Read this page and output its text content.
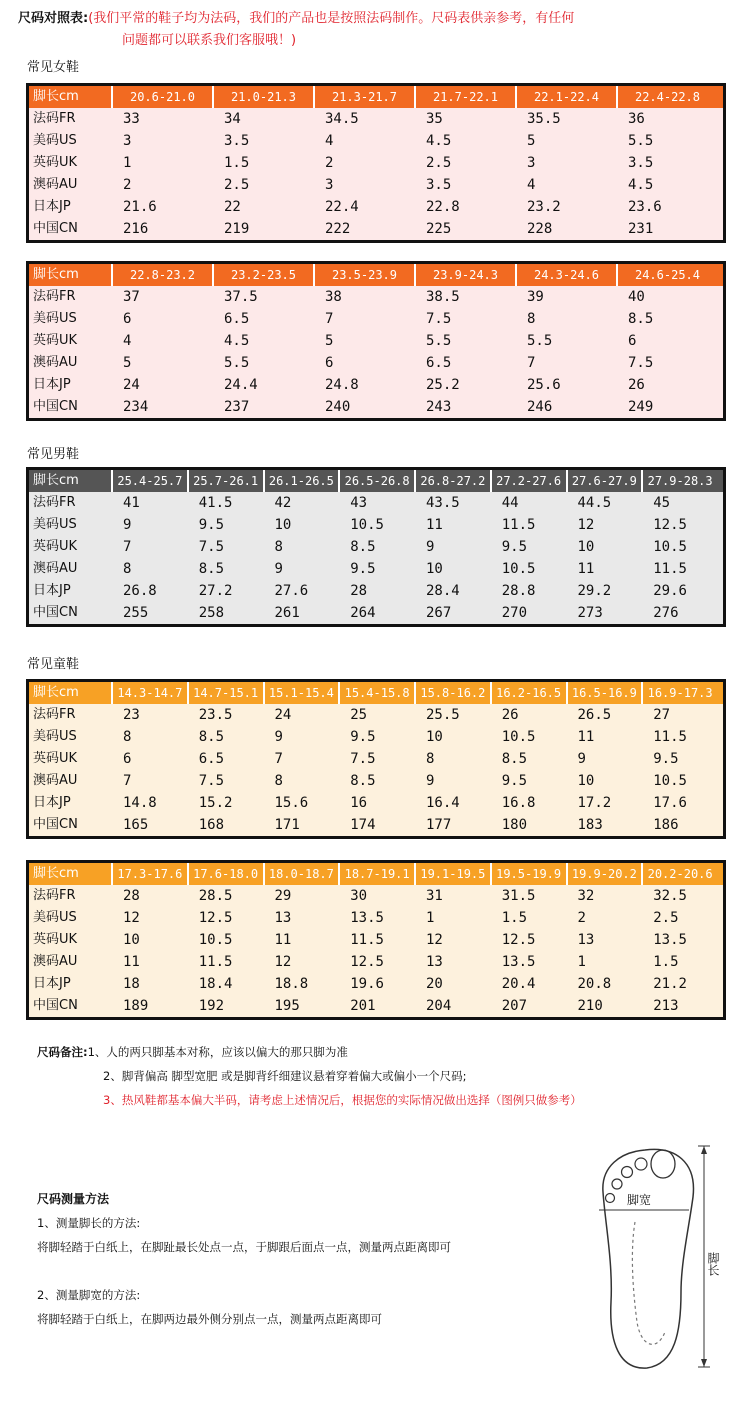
尺码对照表:(我们平常的鞋子均为法码，我们的产品也是按照法码制作。尺码表供亲参考，有任何
问题都可以联系我们客服哦！)
常见女鞋
脚长cm	20.6-21.0	21.0-21.3	21.3-21.7	21.7-22.1	22.1-22.4	22.4-22.8
法码FR	33	34	34.5	35	35.5	36
美码US	3	3.5	4	4.5	5	5.5
英码UK	1	1.5	2	2.5	3	3.5
澳码AU	2	2.5	3	3.5	4	4.5
日本JP	21.6	22	22.4	22.8	23.2	23.6
中国CN	216	219	222	225	228	231
脚长cm	22.8-23.2	23.2-23.5	23.5-23.9	23.9-24.3	24.3-24.6	24.6-25.4
法码FR	37	37.5	38	38.5	39	40
美码US	6	6.5	7	7.5	8	8.5
英码UK	4	4.5	5	5.5	5.5	6
澳码AU	5	5.5	6	6.5	7	7.5
日本JP	24	24.4	24.8	25.2	25.6	26
中国CN	234	237	240	243	246	249
常见男鞋
脚长cm	25.4-25.7 25.7-26.1 26.1-26.5 26.5-26.8 26.8-27.2 27.2-27.6 27.6-27.9 27.9-28.3
法码FR	41	41.5	42	43	43.5	44	44.5	45
美码US	9	9.5	10	10.5	11	11.5	12	12.5
英码UK	7	7.5	8	8.5	9	9.5	10	10.5
澳码AU	8	8.5	9	9.5	10	10.5	11	11.5
日本JP	26.8	27.2	27.6	28	28.4	28.8	29.2	29.6
中国CN	255	258	261	264	267	270	273	276
常见童鞋
脚长cm	14.3-14.7 14.7-15.1 15.1-15.4 15.4-15.8 15.8-16.2 16.2-16.5 16.5-16.9 16.9-17.3
法码FR	23	23.5	24	25	25.5	26	26.5	27
美码US	8	8.5	9	9.5	10	10.5	11	11.5
英码UK	6	6.5	7	7.5	8	8.5	9	9.5
澳码AU	7	7.5	8	8.5	9	9.5	10	10.5
日本JP	14.8	15.2	15.6	16	16.4	16.8	17.2	17.6
中国CN	165	168	171	174	177	180	183	186
脚长cm	17.3-17.6 17.6-18.0 18.0-18.7 18.7-19.1 19.1-19.5 19.5-19.9 19.9-20.2 20.2-20.6
法码FR	28	28.5	29	30	31	31.5	32	32.5
美码US	12	12.5	13	13.5	1	1.5	2	2.5
英码UK	10	10.5	11	11.5	12	12.5	13	13.5
澳码AU	11	11.5	12	12.5	13	13.5	1	1.5
日本JP	18	18.4	18.8	19.6	20	20.4	20.8	21.2
中国CN	189	192	195	201	204	207	210	213
尺码备注:1、人的两只脚基本对称，应该以偏大的那只脚为准
2、脚背偏高 脚型宽肥 或是脚背纤细建议悬着穿着偏大或偏小一个尺码;
3、热风鞋都基本偏大半码，请考虑上述情况后，根据您的实际情况做出选择（图例只做参考）
尺码测量方法
1、测量脚长的方法:
将脚轻踏于白纸上，在脚趾最长处点一点，于脚跟后面点一点，测量两点距离即可
2、测量脚宽的方法:
将脚轻踏于白纸上，在脚两边最外侧分别点一点，测量两点距离即可
脚宽
脚长
